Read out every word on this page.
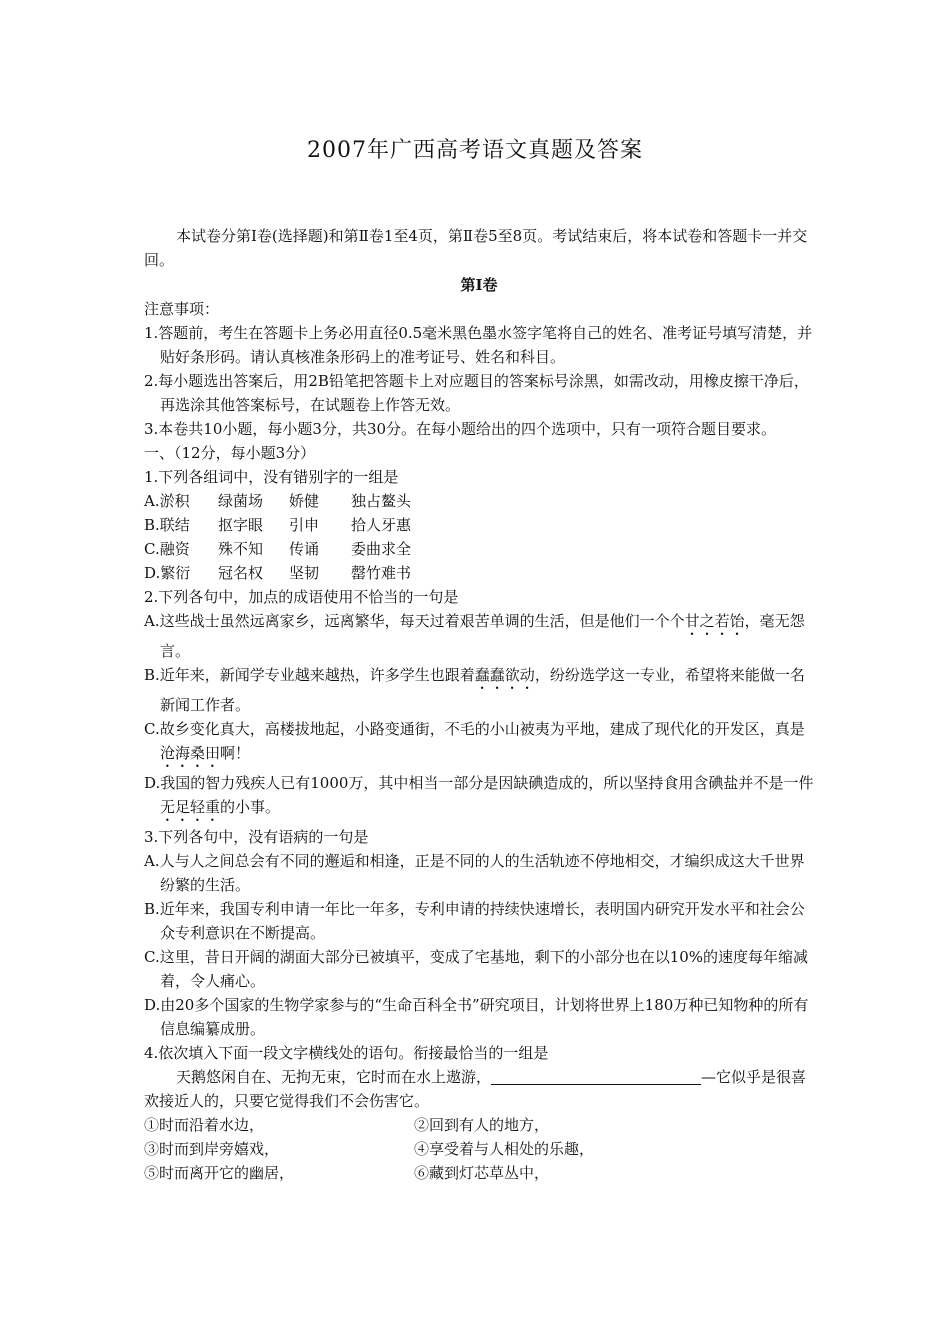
2007年广西高考语文真题及答案

本试卷分第Ⅰ卷(选择题)和第Ⅱ卷1至4页，第Ⅱ卷5至8页。考试结束后，将本试卷和答题卡一并交回。

第Ⅰ卷

注意事项：

1.答题前，考生在答题卡上务必用直径0.5毫米黑色墨水签字笔将自己的姓名、准考证号填写清楚，并贴好条形码。请认真核准条形码上的准考证号、姓名和科目。

2.每小题选出答案后，用2B铅笔把答题卡上对应题目的答案标号涂黑，如需改动，用橡皮擦干净后，再选涂其他答案标号，在试题卷上作答无效。

3.本卷共10小题，每小题3分，共30分。在每小题给出的四个选项中，只有一项符合题目要求。

一、（12分，每小题3分）

1.下列各组词中，没有错别字的一组是

A.淤积 绿菌场 娇健 独占鳌头

B.联结 抠字眼 引申 拾人牙惠

C.融资 殊不知 传诵 委曲求全

D.繁衍 冠名权 坚韧 罄竹难书

2.下列各句中，加点的成语使用不恰当的一句是

A.这些战士虽然远离家乡，远离繁华，每天过着艰苦单调的生活，但是他们一个个甘之若饴，毫无怨言。

B.近年来，新闻学专业越来越热，许多学生也跟着蠢蠢欲动，纷纷选学这一专业，希望将来能做一名新闻工作者。

C.故乡变化真大，高楼拔地起，小路变通街，不毛的小山被夷为平地，建成了现代化的开发区，真是沧海桑田啊！

D.我国的智力残疾人已有1000万，其中相当一部分是因缺碘造成的，所以坚持食用含碘盐并不是一件无足轻重的小事。

3.下列各句中，没有语病的一句是

A.人与人之间总会有不同的邂逅和相逢，正是不同的人的生活轨迹不停地相交，才编织成这大千世界纷繁的生活。

B.近年来，我国专利申请一年比一年多，专利申请的持续快速增长，表明国内研究开发水平和社会公众专利意识在不断提高。

C.这里，昔日开阔的湖面大部分已被填平，变成了宅基地，剩下的小部分也在以10%的速度每年缩减着，令人痛心。

D.由20多个国家的生物学家参与的“生命百科全书”研究项目，计划将世界上180万种已知物种的所有信息编纂成册。

4.依次填入下面一段文字横线处的语句。衔接最恰当的一组是

天鹅悠闲自在、无拘无束，它时而在水上遨游，	—它似乎是很喜欢接近人的，只要它觉得我们不会伤害它。

①时而沿着水边，	②回到有人的地方，
③时而到岸旁嬉戏，	④享受着与人相处的乐趣，
⑤时而离开它的幽居，	⑥藏到灯芯草丛中，
